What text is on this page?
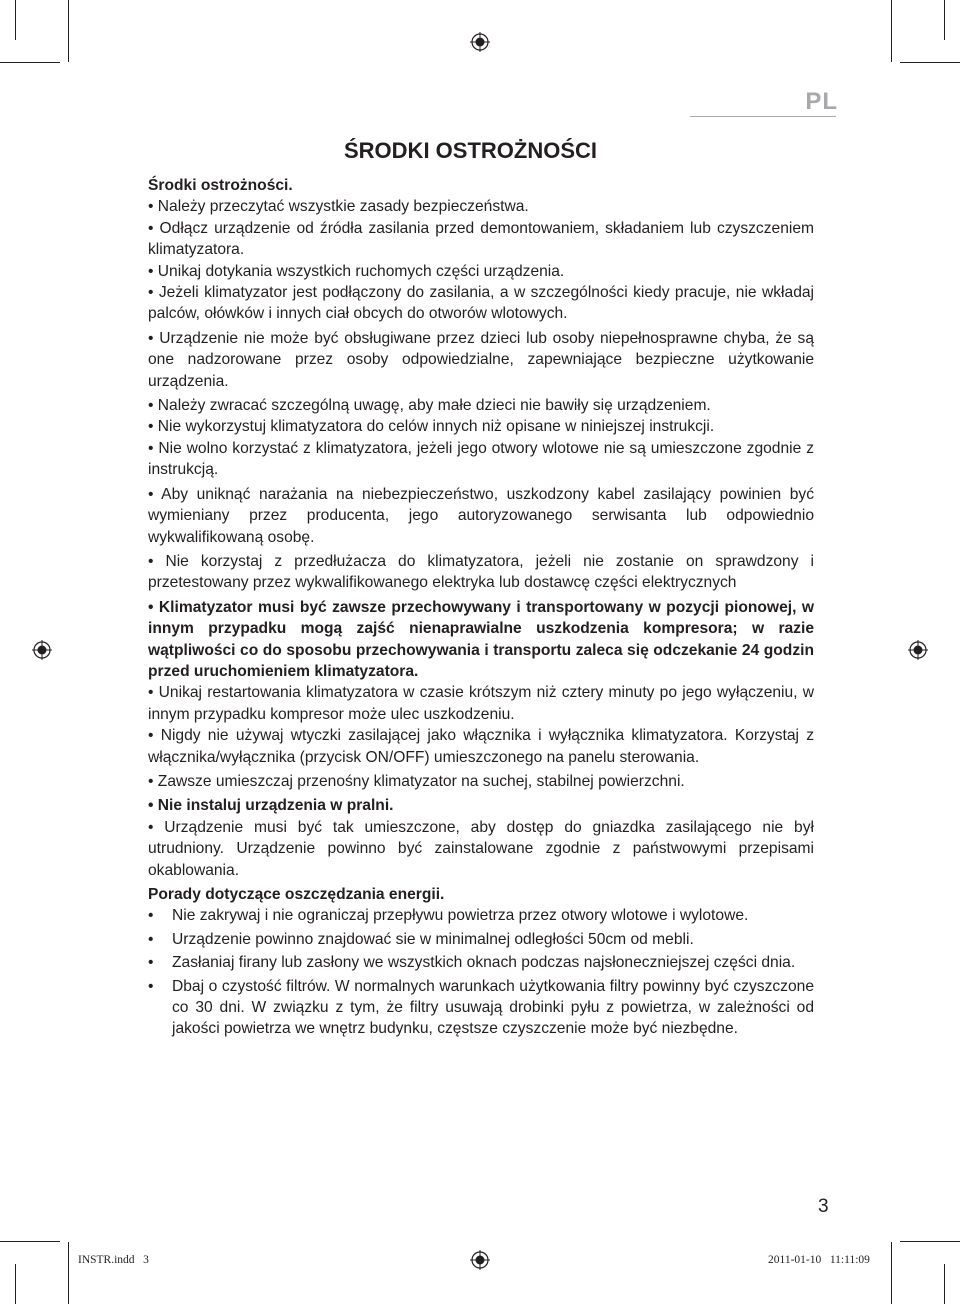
PL
ŚRODKI OSTROŻNOŚCI

Środki ostrożności.

• Należy przeczytać wszystkie zasady bezpieczeństwa.

• Odłącz urządzenie od źródła zasilania przed demontowaniem, składaniem lub czyszczeniem klimatyzatora.

• Unikaj dotykania wszystkich ruchomych części urządzenia.

• Jeżeli klimatyzator jest podłączony do zasilania, a w szczególności kiedy pracuje, nie wkładaj palców, ołówków i innych ciał obcych do otworów wlotowych.

• Urządzenie nie może być obsługiwane przez dzieci lub osoby niepełnosprawne chyba, że są one nadzorowane przez osoby odpowiedzialne, zapewniające bezpieczne użytkowanie urządzenia.

• Należy zwracać szczególną uwagę, aby małe dzieci nie bawiły się urządzeniem.

• Nie wykorzystuj klimatyzatora do celów innych niż opisane w niniejszej instrukcji.

• Nie wolno korzystać z klimatyzatora, jeżeli jego otwory wlotowe nie są umieszczone zgodnie z instrukcją.

• Aby uniknąć narażania na niebezpieczeństwo, uszkodzony kabel zasilający powinien być wymieniany przez producenta, jego autoryzowanego serwisanta lub odpowiednio wykwalifikowaną osobę.

• Nie korzystaj z przedłużacza do klimatyzatora, jeżeli nie zostanie on sprawdzony i przetestowany przez wykwalifikowanego elektryka lub dostawcę części elektrycznych

• Klimatyzator musi być zawsze przechowywany i transportowany w pozycji pionowej, w innym przypadku mogą zajść nienaprawialne uszkodzenia kompresora; w razie wątpliwości co do sposobu przechowywania i transportu zaleca się odczekanie 24 godzin przed uruchomieniem klimatyzatora.

• Unikaj restartowania klimatyzatora w czasie krótszym niż cztery minuty po jego wyłączeniu, w innym przypadku kompresor może ulec uszkodzeniu.

• Nigdy nie używaj wtyczki zasilającej jako włącznika i wyłącznika klimatyzatora. Korzystaj z włącznika/wyłącznika (przycisk ON/OFF) umieszczonego na panelu sterowania.

• Zawsze umieszczaj przenośny klimatyzator na suchej, stabilnej powierzchni.

• Nie instaluj urządzenia w pralni.

• Urządzenie musi być tak umieszczone, aby dostęp do gniazdka zasilającego nie był utrudniony. Urządzenie powinno być zainstalowane zgodnie z państwowymi przepisami okablowania.

Porady dotyczące oszczędzania energii.

•	Nie zakrywaj i nie ograniczaj przepływu powietrza przez otwory wlotowe i wylotowe.
•	Urządzenie powinno znajdować sie w minimalnej odległości 50cm od mebli.
•	Zasłaniaj firany lub zasłony we wszystkich oknach podczas najsłoneczniejszej części dnia.
•	Dbaj o czystość filtrów. W normalnych warunkach użytkowania filtry powinny być czyszczone co 30 dni. W związku z tym, że filtry usuwają drobinki pyłu z powietrza, w zależności od jakości powietrza we wnętrz budynku, częstsze czyszczenie może być niezbędne.
3
INSTR.indd   3	2011-01-10   11:11:09
